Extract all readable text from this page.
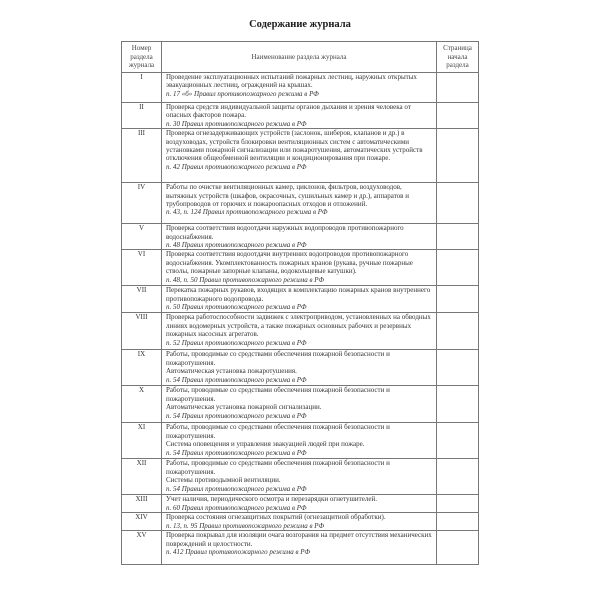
Содержание журнала
Номер раздела журнала	Наименование раздела журнала	Страница начала раздела
I	Проведение эксплуатационных испытаний пожарных лестниц, наружных открытых эвакуационных лестниц, ограждений на крышах.
п. 17 «б» Правил противопожарного режима в РФ	

II	Проверка средств индивидуальной защиты органов дыхания и зрения человека от опасных факторов пожара.
п. 30 Правил противопожарного режима в РФ	

III	Проверка огнезадерживающих устройств (заслонок, шиберов, клапанов и др.) в воздуховодах, устройств блокировки вентиляционных систем с автоматическими установками пожарной сигнализации или пожаротушения, автоматических устройств отключения общеобменной вентиляции и кондиционирования при пожаре.
п. 42 Правил противопожарного режима в РФ	

IV	Работы по очистке вентиляционных камер, циклонов, фильтров, воздуховодов, вытяжных устройств (шкафов, окрасочных, сушильных камер и др.), аппаратов и трубопроводов от горючих и пожароопасных отходов и отложений.
п. 43, п. 124 Правил противопожарного режима в РФ	

V	Проверка соответствия водоотдачи наружных водопроводов противопожарного водоснабжения.
п. 48 Правил противопожарного режима в РФ	

VI	Проверка соответствия водоотдачи внутренних водопроводов противопожарного водоснабжения. Укомплектованность пожарных кранов (рукава, ручные пожарные стволы, пожарные запорные клапаны, водокольцевые катушки).
п. 48, п. 50 Правил противопожарного режима в РФ	

VII	Перекатка пожарных рукавов, входящих в комплектацию пожарных кранов внутреннего противопожарного водопровода.
п. 50 Правил противопожарного режима в РФ	

VIII	Проверка работоспособности задвижек с электроприводом, установленных на обводных линиях водомерных устройств, а также пожарных основных рабочих и резервных пожарных насосных агрегатов.
п. 52 Правил противопожарного режима в РФ	

IX	Работы, проводимые со средствами обеспечения пожарной безопасности и пожаротушения.
Автоматическая установка пожаротушения.
п. 54 Правил противопожарного режима в РФ	

X	Работы, проводимые со средствами обеспечения пожарной безопасности и пожаротушения.
Автоматическая установка пожарной сигнализации.
п. 54 Правил противопожарного режима в РФ	

XI	Работы, проводимые со средствами обеспечения пожарной безопасности и пожаротушения.
Система оповещения и управления эвакуацией людей при пожаре.
п. 54 Правил противопожарного режима в РФ	

XII	Работы, проводимые со средствами обеспечения пожарной безопасности и пожаротушения.
Системы противодымной вентиляции.
п. 54 Правил противопожарного режима в РФ	

XIII	Учет наличия, периодического осмотра и перезарядки огнетушителей.
п. 60 Правил противопожарного режима в РФ	

XIV	Проверка состояния огнезащитных покрытий (огнезащитной обработки).
п. 13, п. 95 Правил противопожарного режима в РФ	

XV	Проверка покрывал для изоляции очага возгорания на предмет отсутствия механических повреждений и целостности.
п. 412 Правил противопожарного режима в РФ	
